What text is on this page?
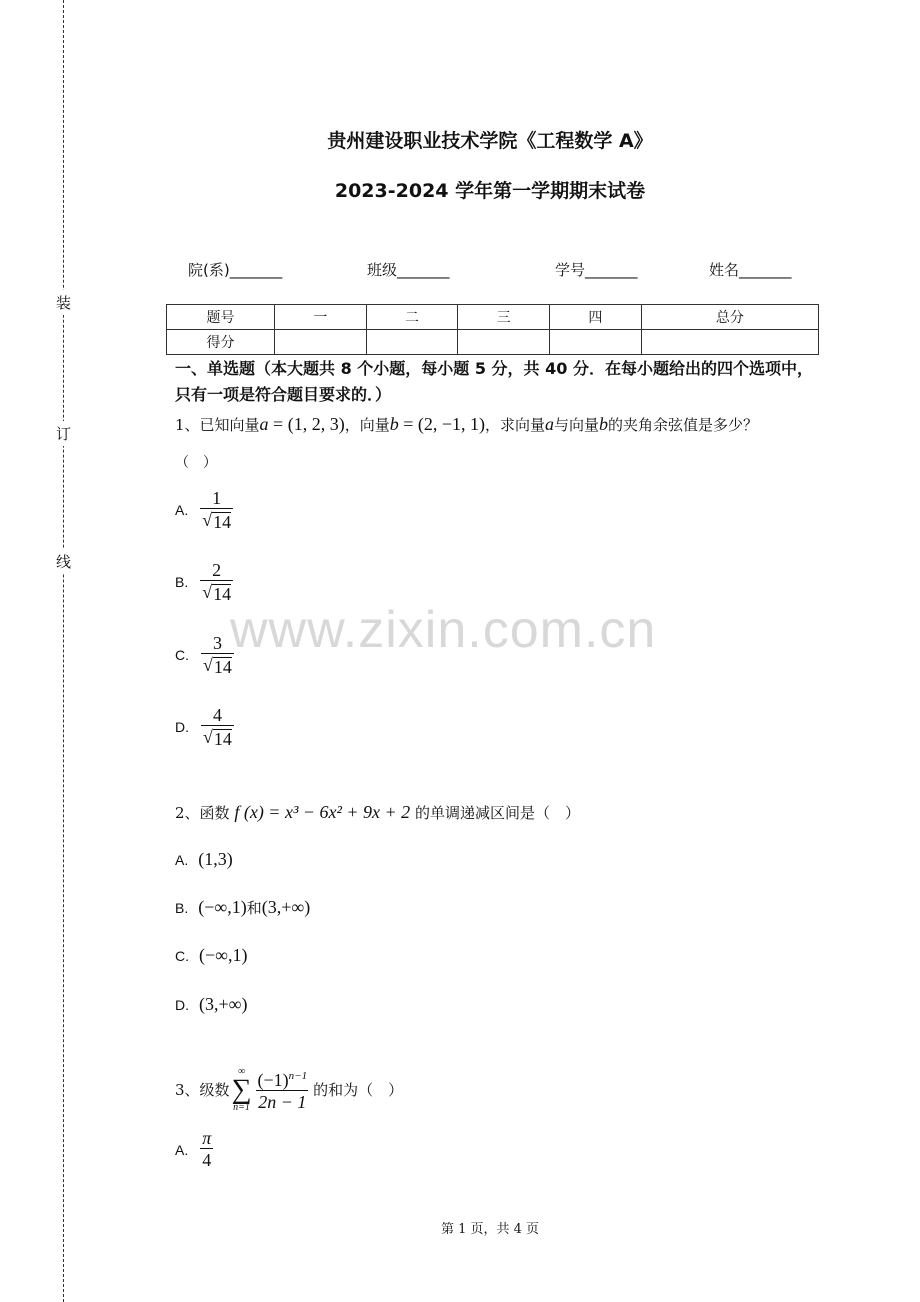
装
订
线
贵州建设职业技术学院《工程数学 A》
2023-2024 学年第一学期期末试卷
院(系)_______	班级_______	学号_______	姓名_______
题号	一	二	三	四	总分
得分					
一、单选题（本大题共 8 个小题，每小题 5 分，共 40 分．在每小题给出的四个选项中，只有一项是符合题目要求的．）
1、已知向量a = (1, 2, 3)，向量b = (2, −1, 1)，求向量a与向量b的夹角余弦值是多少？
（　）
A. $\frac{1}{√ 14}$
B. $\frac{2}{√ 14}$
C. $\frac{3}{√ 14}$
D. $\frac{4}{√ 14}$
www.zixin.com.cn
2、函数 f (x) = x³ − 6x² + 9x + 2 的单调递减区间是（　）
A. (1,3)
B. (−∞,1) 和 (3,+∞)
C. (−∞,1)
D. (3,+∞)
3、级数
∞
∑
$n=1 \frac{(-1)^{n-1}}{2n - 1}$ 的和为（　）
A. $\frac{\pi}{4}$
第 1 页，共 4 页
